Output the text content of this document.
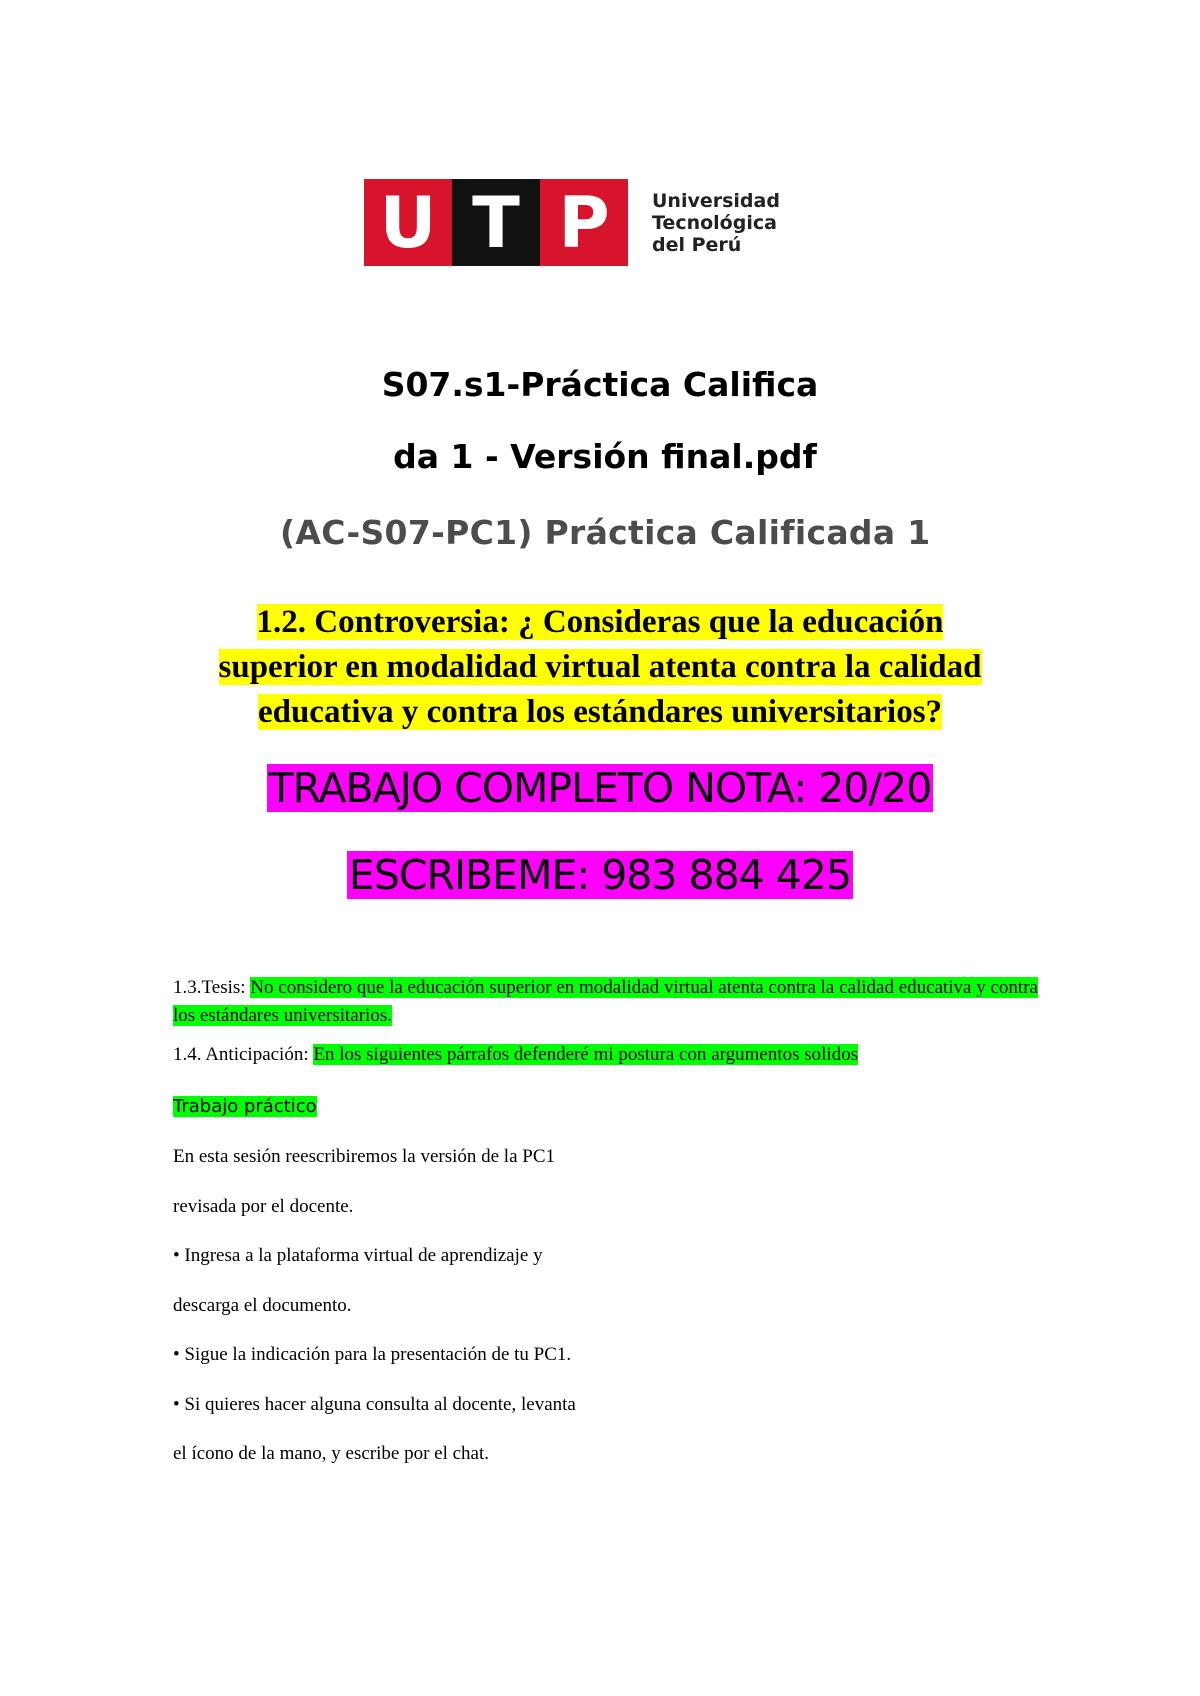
U T P Universidad
Tecnológica
del Perú
S07.s1-Práctica Califica
da 1 - Versión final.pdf
(AC-S07-PC1) Práctica Calificada 1
1.2. Controversia: ¿ Consideras que la educación
superior en modalidad virtual atenta contra la calidad
educativa y contra los estándares universitarios?
TRABAJO COMPLETO NOTA: 20/20
ESCRIBEME: 983 884 425
1.3.Tesis: No considero que la educación superior en modalidad virtual atenta contra la calidad educativa y contra los estándares universitarios.
1.4. Anticipación: En los siguientes párrafos defenderé mi postura con argumentos solidos
Trabajo práctico
En esta sesión reescribiremos la versión de la PC1
revisada por el docente.
• Ingresa a la plataforma virtual de aprendizaje y
descarga el documento.
• Sigue la indicación para la presentación de tu PC1.
• Si quieres hacer alguna consulta al docente, levanta
el ícono de la mano, y escribe por el chat.
